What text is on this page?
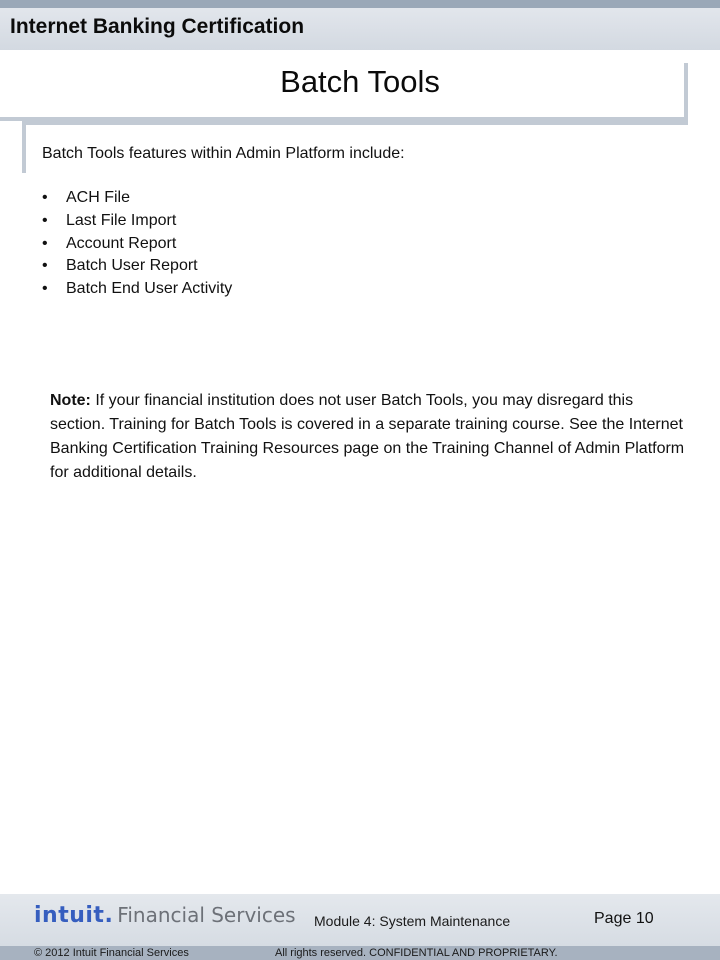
Internet Banking Certification
Batch Tools
Batch Tools features within Admin Platform include:
• ACH File
• Last File Import
• Account Report
• Batch User Report
• Batch End User Activity
Note: If your financial institution does not user Batch Tools, you may disregard this section. Training for Batch Tools is covered in a separate training course. See the Internet Banking Certification Training Resources page on the Training Channel of Admin Platform for additional details.
intuit. Financial Services Module 4: System Maintenance	Page 10
© 2012 Intuit Financial Services	All rights reserved. CONFIDENTIAL AND PROPRIETARY.
